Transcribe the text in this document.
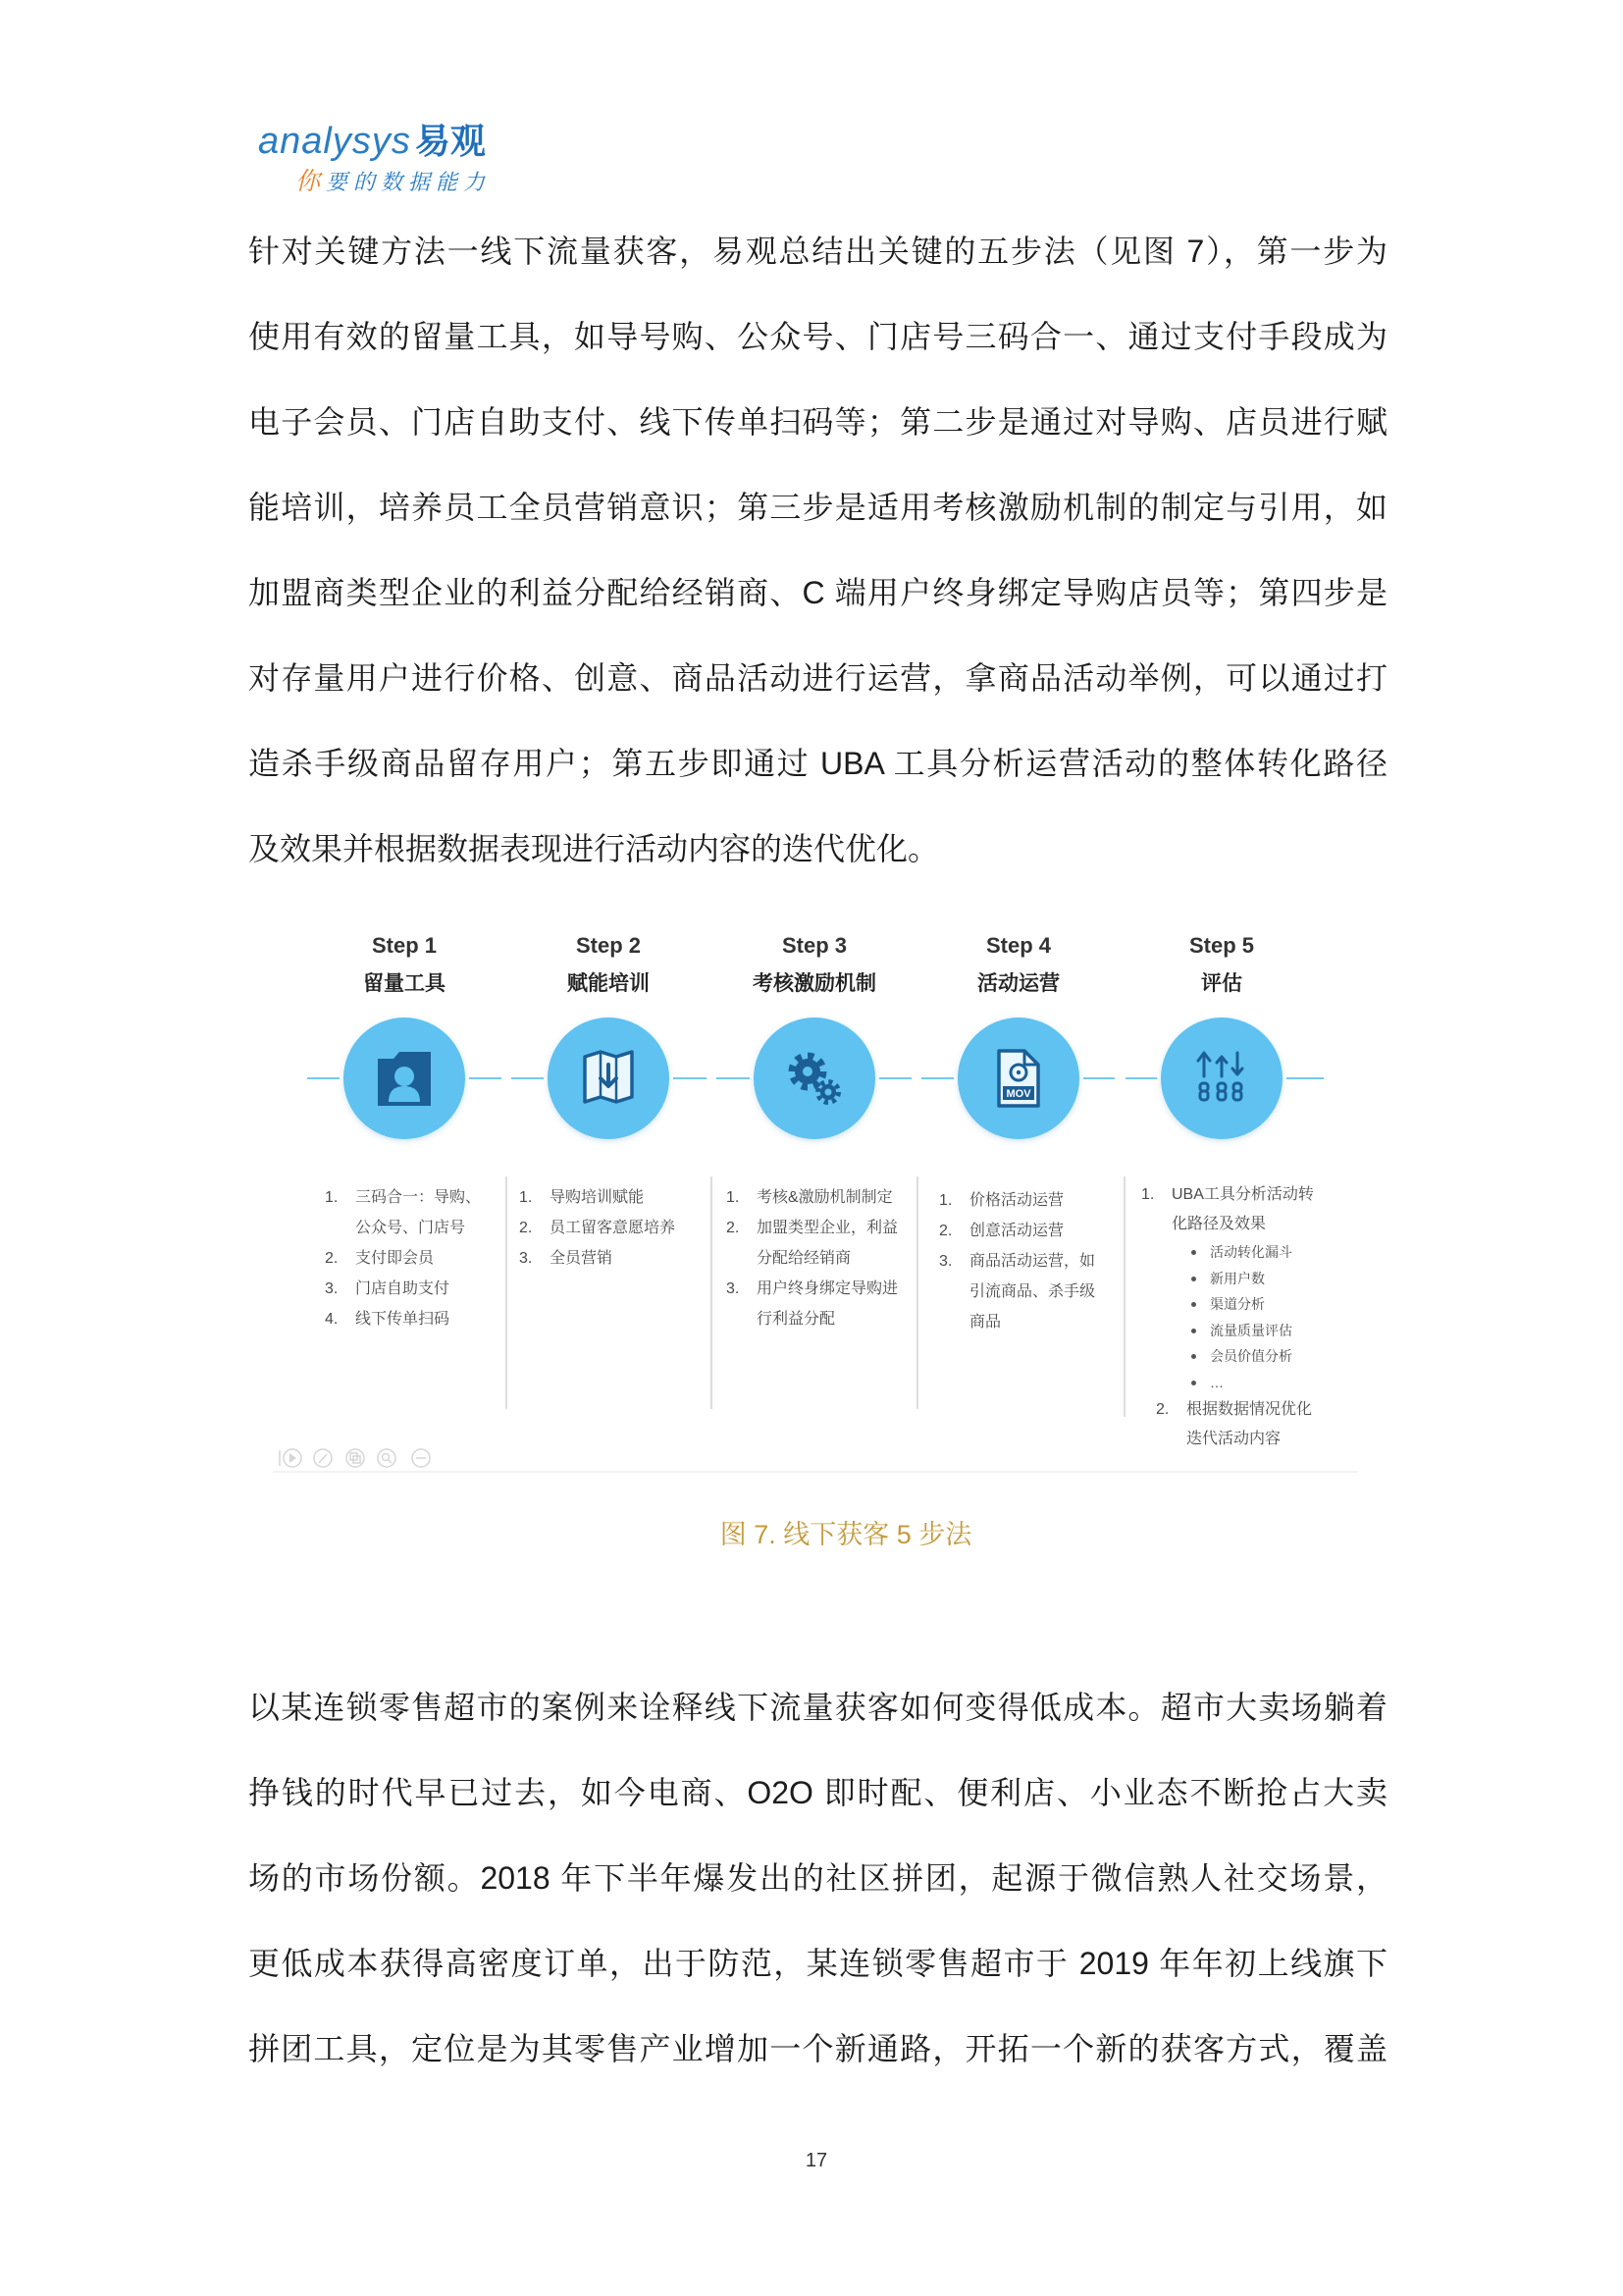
analysys 易观
你要的数据能力
针对关键方法一线下流量获客，易观总结出关键的五步法（见图 7），第一步为
使用有效的留量工具，如导号购、公众号、门店号三码合一、通过支付手段成为
电子会员、门店自助支付、线下传单扫码等；第二步是通过对导购、店员进行赋
能培训，培养员工全员营销意识；第三步是适用考核激励机制的制定与引用，如
加盟商类型企业的利益分配给经销商、C 端用户终身绑定导购店员等；第四步是
对存量用户进行价格、创意、商品活动进行运营，拿商品活动举例，可以通过打
造杀手级商品留存用户；第五步即通过 UBA 工具分析运营活动的整体转化路径
及效果并根据数据表现进行活动内容的迭代优化。
MOV
Step 1
留量工具
Step 2
赋能培训
Step 3
考核激励机制
Step 4
活动运营
Step 5
评估
1. 三码合一：导购、
公众号、门店号
2. 支付即会员
3. 门店自助支付
4. 线下传单扫码
1. 导购培训赋能
2. 员工留客意愿培养
3. 全员营销
1. 考核&激励机制制定
2. 加盟类型企业，利益
分配给经销商
3. 用户终身绑定导购进
行利益分配
1. 价格活动运营
2. 创意活动运营
3. 商品活动运营，如
引流商品、杀手级
商品
1. UBA工具分析活动转
化路径及效果
活动转化漏斗
新用户数
渠道分析
流量质量评估
会员价值分析
…
2. 根据数据情况优化
迭代活动内容
图 7. 线下获客 5 步法
以某连锁零售超市的案例来诠释线下流量获客如何变得低成本。超市大卖场躺着
挣钱的时代早已过去，如今电商、O2O 即时配、便利店、小业态不断抢占大卖
场的市场份额。2018 年下半年爆发出的社区拼团，起源于微信熟人社交场景，
更低成本获得高密度订单，出于防范，某连锁零售超市于 2019 年年初上线旗下
拼团工具，定位是为其零售产业增加一个新通路，开拓一个新的获客方式，覆盖
17
